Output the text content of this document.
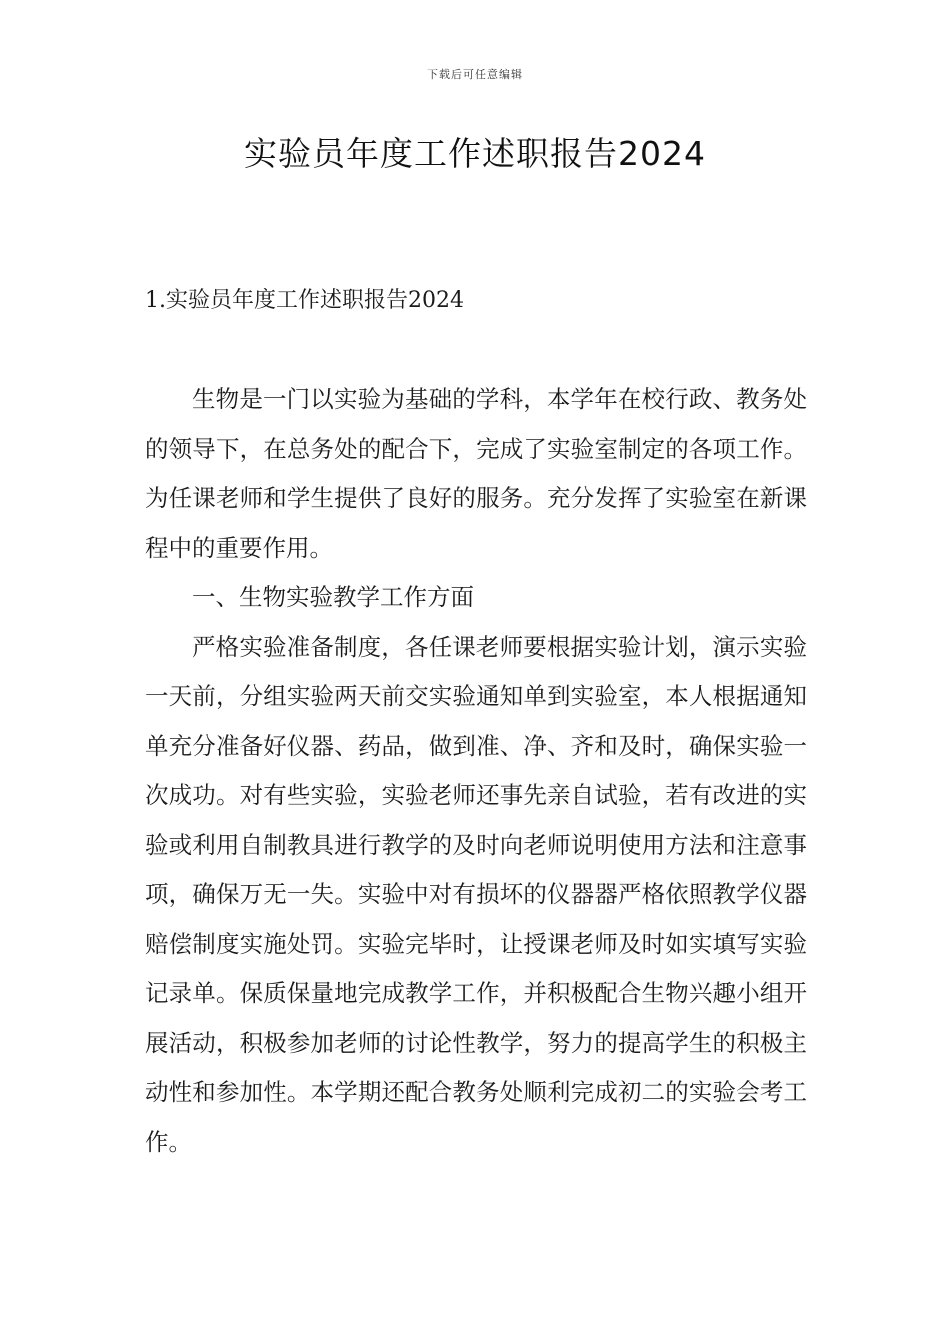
下载后可任意编辑
实验员年度工作述职报告2024
1.实验员年度工作述职报告2024

生物是一门以实验为基础的学科，本学年在校行政、教务处的领导下，在总务处的配合下，完成了实验室制定的各项工作。为任课老师和学生提供了良好的服务。充分发挥了实验室在新课程中的重要作用。

一、生物实验教学工作方面

严格实验准备制度，各任课老师要根据实验计划，演示实验一天前，分组实验两天前交实验通知单到实验室，本人根据通知单充分准备好仪器、药品，做到准、净、齐和及时，确保实验一次成功。对有些实验，实验老师还事先亲自试验，若有改进的实验或利用自制教具进行教学的及时向老师说明使用方法和注意事项，确保万无一失。实验中对有损坏的仪器器严格依照教学仪器赔偿制度实施处罚。实验完毕时，让授课老师及时如实填写实验记录单。保质保量地完成教学工作，并积极配合生物兴趣小组开展活动，积极参加老师的讨论性教学，努力的提高学生的积极主动性和参加性。本学期还配合教务处顺利完成初二的实验会考工作。
